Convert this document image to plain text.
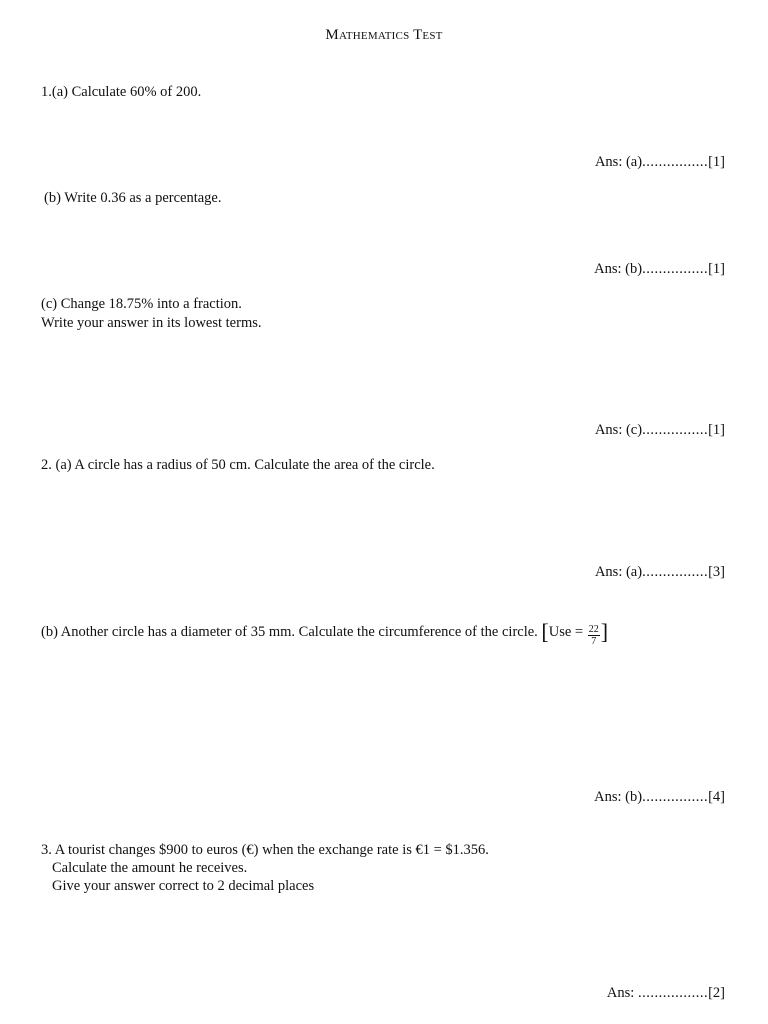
Mathematics Test
1.(a) Calculate 60% of 200.
Ans: (a)................[1]
(b) Write 0.36 as a percentage.
Ans: (b)................[1]
(c) Change 18.75% into a fraction.
Write your answer in its lowest terms.
Ans: (c)................[1]
2. (a) A circle has a radius of 50 cm. Calculate the area of the circle.
Ans: (a)................[3]
(b) Another circle has a diameter of 35 mm. Calculate the circumference of the circle. [$Use = \frac{22}{7}$ ]
Ans: (b)................[4]
3. A tourist changes $900 to euros (€) when the exchange rate is €1 = $1.356.
Calculate the amount he receives.
Give your answer correct to 2 decimal places
Ans: .................[2]
